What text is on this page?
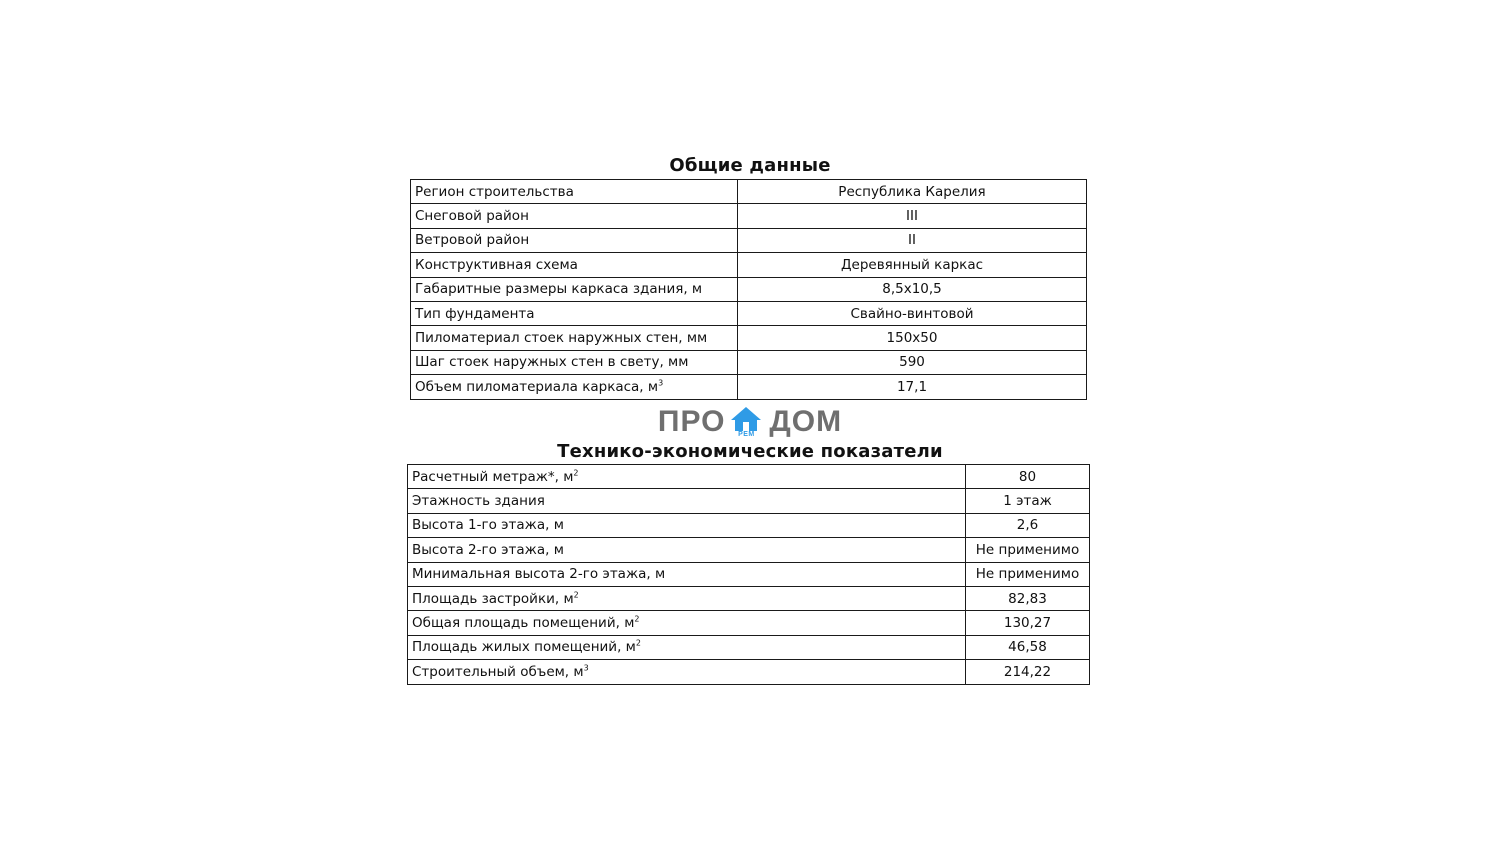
Общие данные
Регион строительства	Республика Карелия
Снеговой район	III
Ветровой район	II
Конструктивная схема	Деревянный каркас
Габаритные размеры каркаса здания, м	8,5х10,5
Тип фундамента	Свайно-винтовой
Пиломатериал стоек наружных стен, мм	150х50
Шаг стоек наружных стен в свету, мм	590
Объем пиломатериала каркаса, $м^3$	17,1
ПРО РЕМ ДОМ
Технико-экономические показатели
Расчетный метраж*, $м^2$	80
Этажность здания	1 этаж
Высота 1-го этажа, м	2,6
Высота 2-го этажа, м	Не применимо
Минимальная высота 2-го этажа, м	Не применимо
Площадь застройки, $м^2$	82,83
Общая площадь помещений, $м^2$	130,27
Площадь жилых помещений, $м^2$	46,58
Строительный объем, $м^3$	214,22
